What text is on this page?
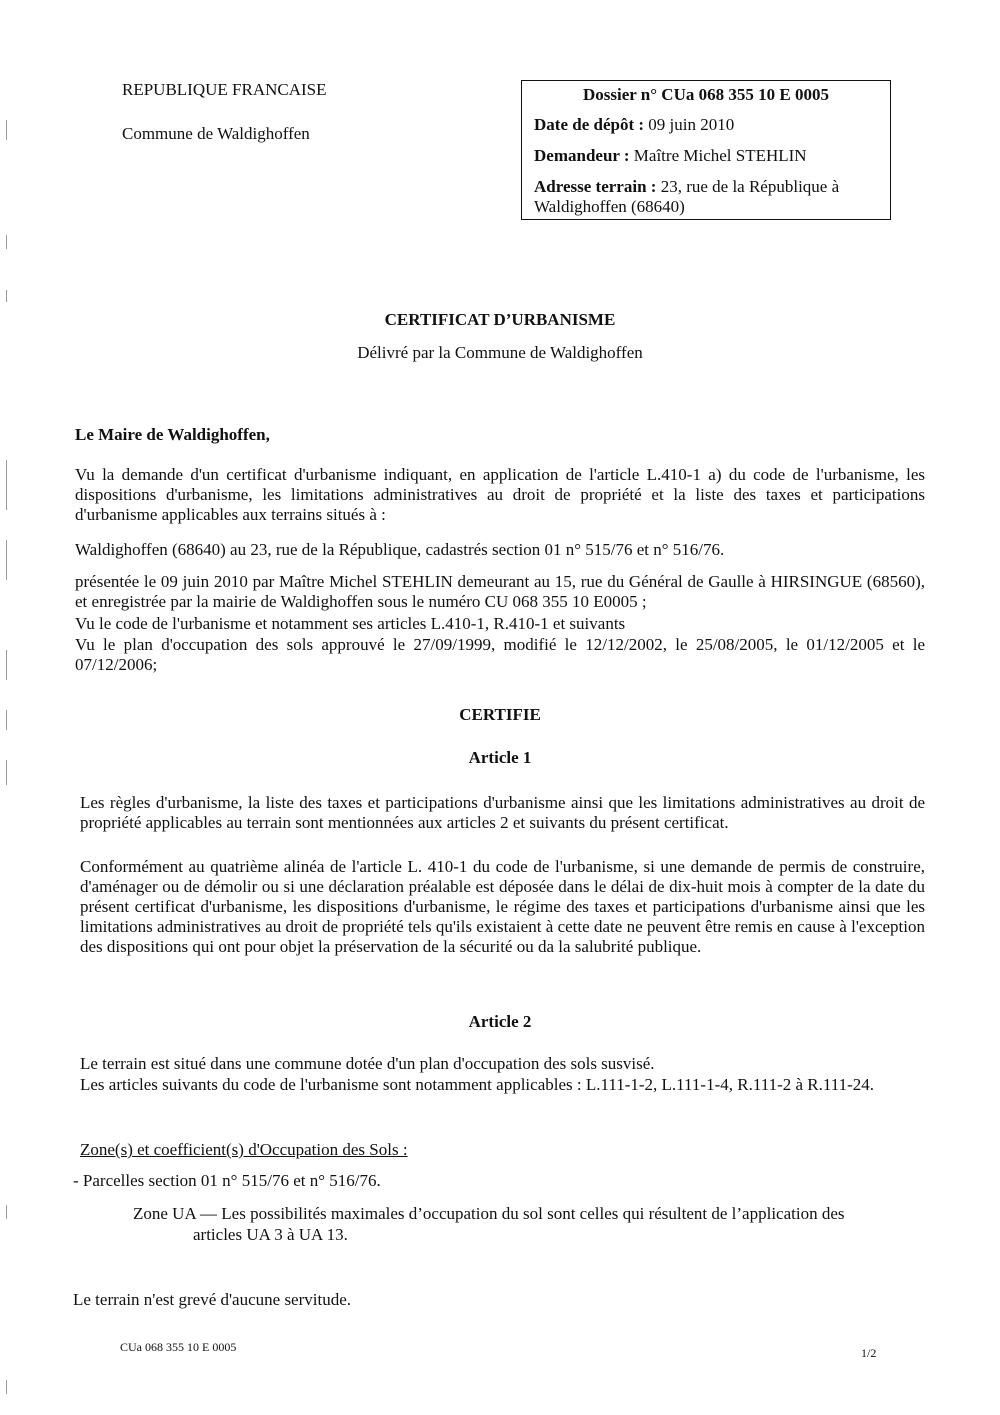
REPUBLIQUE FRANCAISE
Commune de Waldighoffen
Dossier n° CUa 068 355 10 E 0005
Date de dépôt : 09 juin 2010
Demandeur : Maître Michel STEHLIN
Adresse terrain : 23, rue de la République à
Waldighoffen (68640)
CERTIFICAT D’URBANISME
Délivré par la Commune de Waldighoffen
Le Maire de Waldighoffen,
Vu la demande d'un certificat d'urbanisme indiquant, en application de l'article L.410-1 a) du code de l'urbanisme, les dispositions d'urbanisme, les limitations administratives au droit de propriété et la liste des taxes et participations d'urbanisme applicables aux terrains situés à :
Waldighoffen (68640) au 23, rue de la République, cadastrés section 01 n° 515/76 et n° 516/76.
présentée le 09 juin 2010 par Maître Michel STEHLIN demeurant au 15, rue du Général de Gaulle à HIRSINGUE (68560), et enregistrée par la mairie de Waldighoffen sous le numéro CU 068 355 10 E0005 ;
Vu le code de l'urbanisme et notamment ses articles L.410-1, R.410-1 et suivants
Vu le plan d'occupation des sols approuvé le 27/09/1999, modifié le 12/12/2002, le 25/08/2005, le 01/12/2005 et le 07/12/2006;
CERTIFIE
Article 1
Les règles d'urbanisme, la liste des taxes et participations d'urbanisme ainsi que les limitations administratives au droit de propriété applicables au terrain sont mentionnées aux articles 2 et suivants du présent certificat.
Conformément au quatrième alinéa de l'article L. 410-1 du code de l'urbanisme, si une demande de permis de construire, d'aménager ou de démolir ou si une déclaration préalable est déposée dans le délai de dix-huit mois à compter de la date du présent certificat d'urbanisme, les dispositions d'urbanisme, le régime des taxes et participations d'urbanisme ainsi que les limitations administratives au droit de propriété tels qu'ils existaient à cette date ne peuvent être remis en cause à l'exception des dispositions qui ont pour objet la préservation de la sécurité ou da la salubrité publique.
Article 2
Le terrain est situé dans une commune dotée d'un plan d'occupation des sols susvisé.
Les articles suivants du code de l'urbanisme sont notamment applicables : L.111-1-2, L.111-1-4, R.111-2 à R.111-24.
Zone(s) et coefficient(s) d'Occupation des Sols :
- Parcelles section 01 n° 515/76 et n° 516/76.
Zone UA — Les possibilités maximales d’occupation du sol sont celles qui résultent de l’application des
articles UA 3 à UA 13.
Le terrain n'est grevé d'aucune servitude.
CUa 068 355 10 E 0005	1/2
